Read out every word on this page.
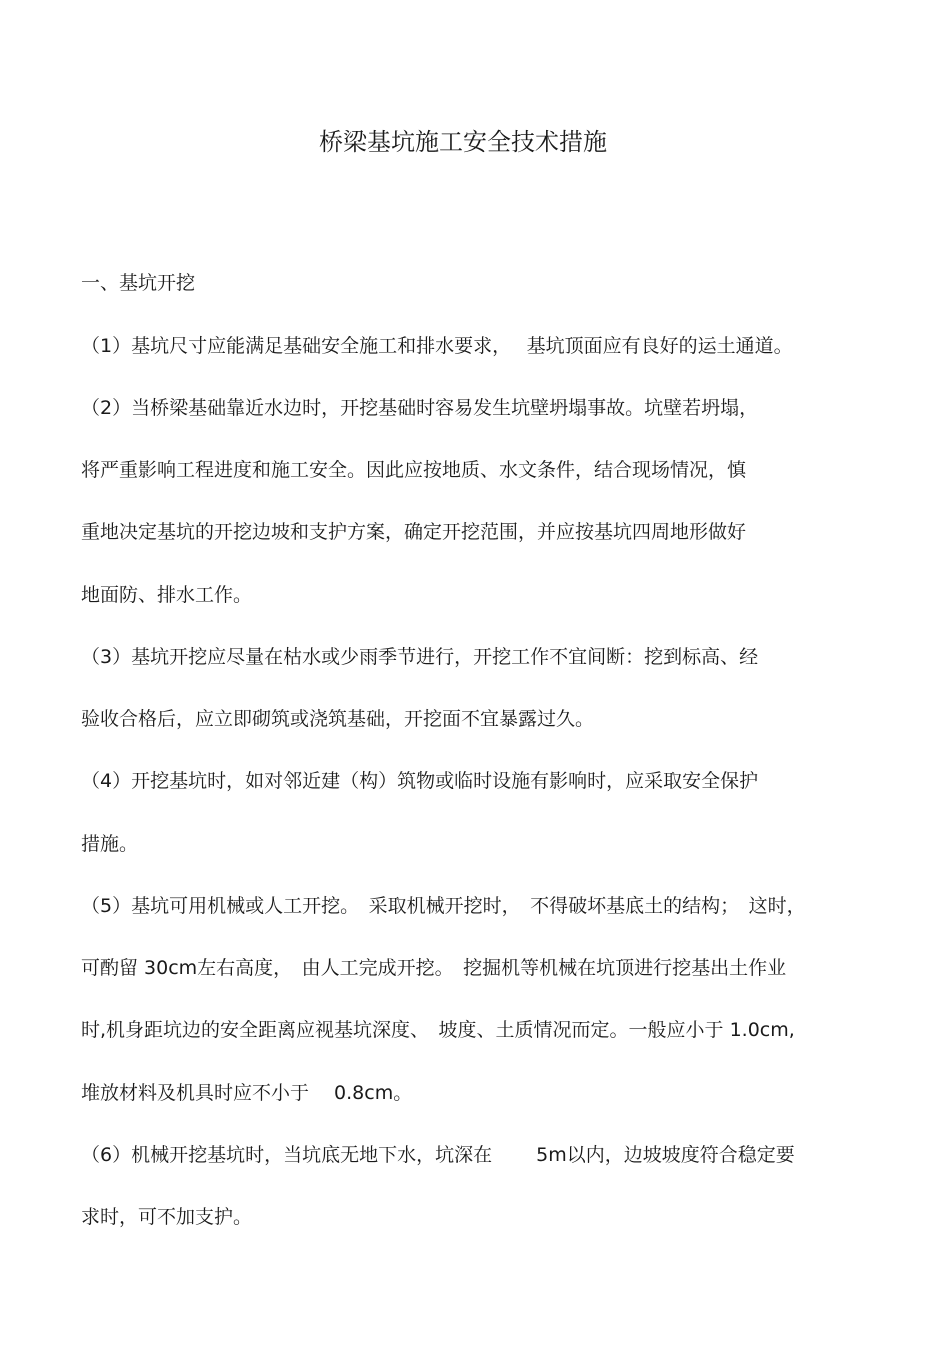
桥梁基坑施工安全技术措施
一、基坑开挖
（1）基坑尺寸应能满足基础安全施工和排水要求，　 基坑顶面应有良好的运土通道。
（2）当桥梁基础靠近水边时，开挖基础时容易发生坑壁坍塌事故。坑壁若坍塌，
将严重影响工程进度和施工安全。因此应按地质、水文条件，结合现场情况，慎
重地决定基坑的开挖边坡和支护方案，确定开挖范围，并应按基坑四周地形做好
地面防、排水工作。
（3）基坑开挖应尽量在枯水或少雨季节进行，开挖工作不宜间断：挖到标高、经
验收合格后，应立即砌筑或浇筑基础，开挖面不宜暴露过久。
（4）开挖基坑时，如对邻近建（构）筑物或临时设施有影响时，应采取安全保护
措施。
（5）基坑可用机械或人工开挖。　采取机械开挖时，　不得破坏基底土的结构；　这时，
可酌留 30cm左右高度，　由人工完成开挖。　挖掘机等机械在坑顶进行挖基出土作业
时,机身距坑边的安全距离应视基坑深度、　坡度、土质情况而定。一般应小于 1.0cm,
堆放材料及机具时应不小于 　0.8cm。
（6）机械开挖基坑时，当坑底无地下水，坑深在 　　5m以内，边坡坡度符合稳定要
求时，可不加支护。
